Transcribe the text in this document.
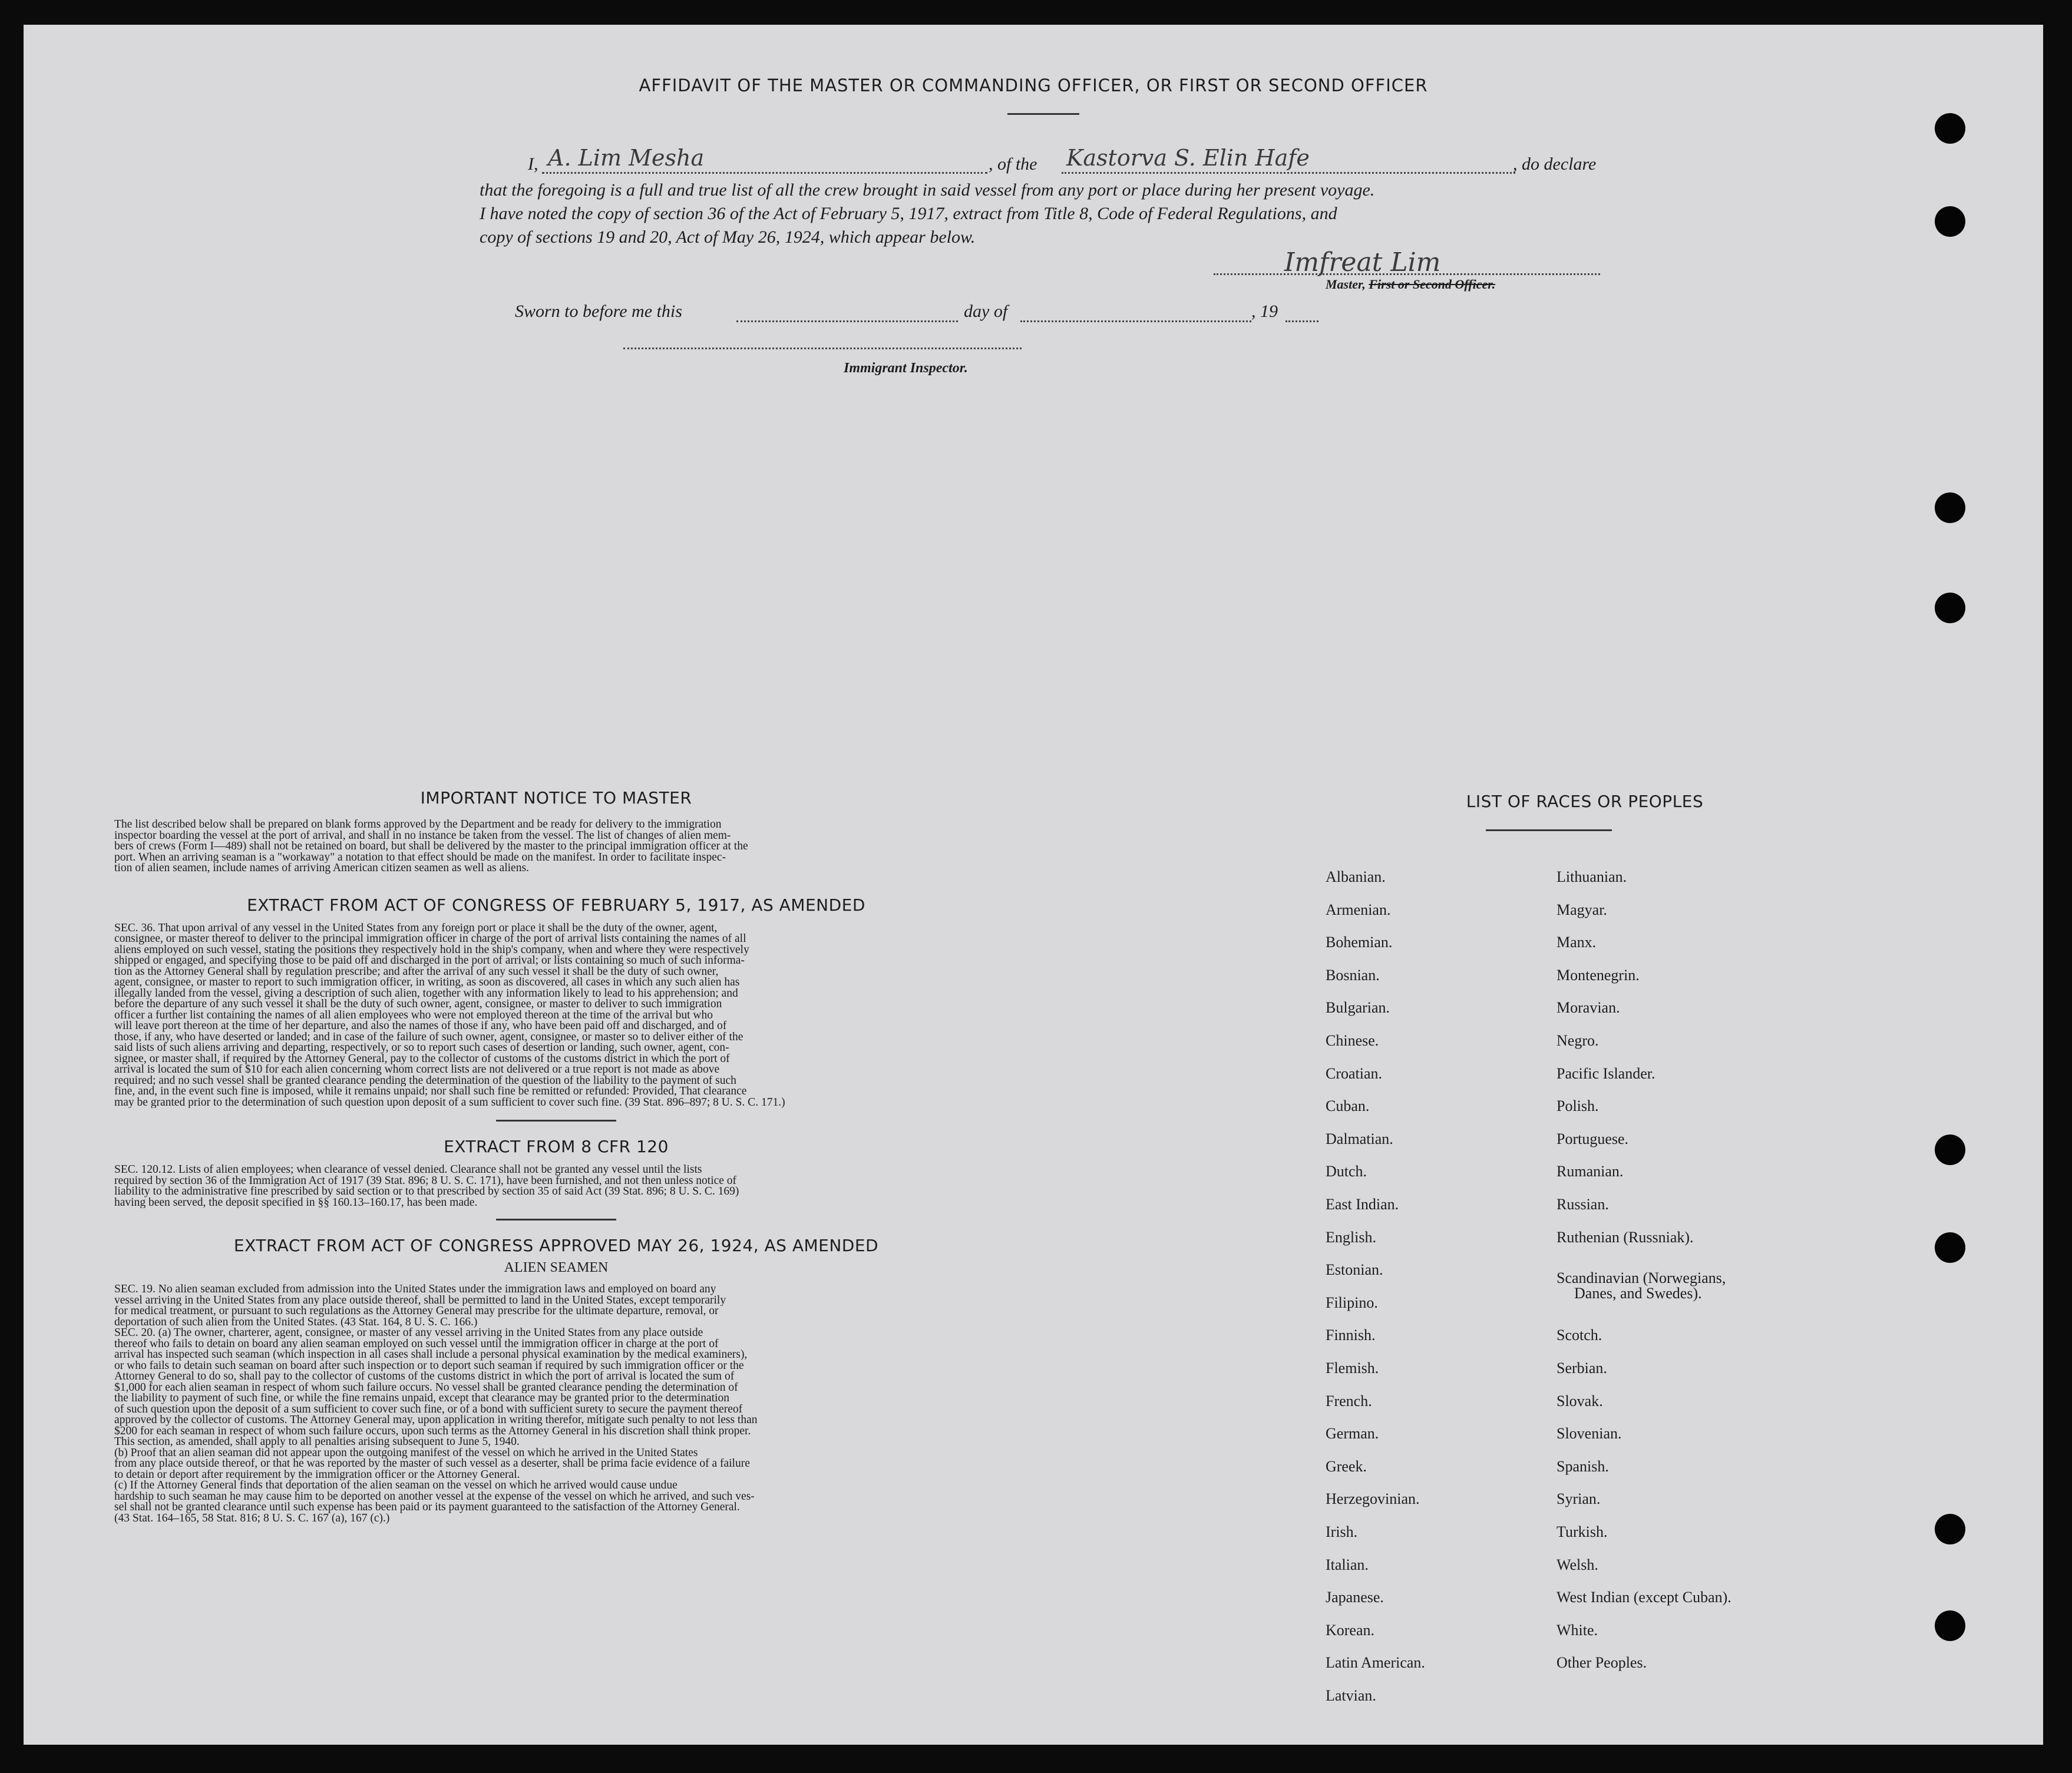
AFFIDAVIT OF THE MASTER OR COMMANDING OFFICER, OR FIRST OR SECOND OFFICER
I, A. Lim Mesha	, of the Kastorva S. Elin Hafe	, do declare
that the foregoing is a full and true list of all the crew brought in said vessel from any port or place during her present voyage.
I have noted the copy of section 36 of the Act of February 5, 1917, extract from Title 8, Code of Federal Regulations, and
copy of sections 19 and 20, Act of May 26, 1924, which appear below.
Imfreat Lim
Master, First or Second Officer.
Sworn to before me this	day of	, 19
Immigrant Inspector.
IMPORTANT NOTICE TO MASTER
The list described below shall be prepared on blank forms approved by the Department and be ready for delivery to the immigration
inspector boarding the vessel at the port of arrival, and shall in no instance be taken from the vessel. The list of changes of alien mem-
bers of crews (Form I—489) shall not be retained on board, but shall be delivered by the master to the principal immigration officer at the
port. When an arriving seaman is a "workaway" a notation to that effect should be made on the manifest. In order to facilitate inspec-
tion of alien seamen, include names of arriving American citizen seamen as well as aliens.
EXTRACT FROM ACT OF CONGRESS OF FEBRUARY 5, 1917, AS AMENDED
SEC. 36. That upon arrival of any vessel in the United States from any foreign port or place it shall be the duty of the owner, agent,
consignee, or master thereof to deliver to the principal immigration officer in charge of the port of arrival lists containing the names of all
aliens employed on such vessel, stating the positions they respectively hold in the ship's company, when and where they were respectively
shipped or engaged, and specifying those to be paid off and discharged in the port of arrival; or lists containing so much of such informa-
tion as the Attorney General shall by regulation prescribe; and after the arrival of any such vessel it shall be the duty of such owner,
agent, consignee, or master to report to such immigration officer, in writing, as soon as discovered, all cases in which any such alien has
illegally landed from the vessel, giving a description of such alien, together with any information likely to lead to his apprehension; and
before the departure of any such vessel it shall be the duty of such owner, agent, consignee, or master to deliver to such immigration
officer a further list containing the names of all alien employees who were not employed thereon at the time of the arrival but who
will leave port thereon at the time of her departure, and also the names of those if any, who have been paid off and discharged, and of
those, if any, who have deserted or landed; and in case of the failure of such owner, agent, consignee, or master so to deliver either of the
said lists of such aliens arriving and departing, respectively, or so to report such cases of desertion or landing, such owner, agent, con-
signee, or master shall, if required by the Attorney General, pay to the collector of customs of the customs district in which the port of
arrival is located the sum of $10 for each alien concerning whom correct lists are not delivered or a true report is not made as above
required; and no such vessel shall be granted clearance pending the determination of the question of the liability to the payment of such
fine, and, in the event such fine is imposed, while it remains unpaid; nor shall such fine be remitted or refunded: Provided, That clearance
may be granted prior to the determination of such question upon deposit of a sum sufficient to cover such fine. (39 Stat. 896–897; 8 U. S. C. 171.)
EXTRACT FROM 8 CFR 120
SEC. 120.12. Lists of alien employees; when clearance of vessel denied. Clearance shall not be granted any vessel until the lists
required by section 36 of the Immigration Act of 1917 (39 Stat. 896; 8 U. S. C. 171), have been furnished, and not then unless notice of
liability to the administrative fine prescribed by said section or to that prescribed by section 35 of said Act (39 Stat. 896; 8 U. S. C. 169)
having been served, the deposit specified in §§ 160.13–160.17, has been made.
EXTRACT FROM ACT OF CONGRESS APPROVED MAY 26, 1924, AS AMENDED
ALIEN SEAMEN
SEC. 19. No alien seaman excluded from admission into the United States under the immigration laws and employed on board any
vessel arriving in the United States from any place outside thereof, shall be permitted to land in the United States, except temporarily
for medical treatment, or pursuant to such regulations as the Attorney General may prescribe for the ultimate departure, removal, or
deportation of such alien from the United States. (43 Stat. 164, 8 U. S. C. 166.)
SEC. 20. (a) The owner, charterer, agent, consignee, or master of any vessel arriving in the United States from any place outside
thereof who fails to detain on board any alien seaman employed on such vessel until the immigration officer in charge at the port of
arrival has inspected such seaman (which inspection in all cases shall include a personal physical examination by the medical examiners),
or who fails to detain such seaman on board after such inspection or to deport such seaman if required by such immigration officer or the
Attorney General to do so, shall pay to the collector of customs of the customs district in which the port of arrival is located the sum of
$1,000 for each alien seaman in respect of whom such failure occurs. No vessel shall be granted clearance pending the determination of
the liability to payment of such fine, or while the fine remains unpaid, except that clearance may be granted prior to the determination
of such question upon the deposit of a sum sufficient to cover such fine, or of a bond with sufficient surety to secure the payment thereof
approved by the collector of customs. The Attorney General may, upon application in writing therefor, mitigate such penalty to not less than
$200 for each seaman in respect of whom such failure occurs, upon such terms as the Attorney General in his discretion shall think proper.
This section, as amended, shall apply to all penalties arising subsequent to June 5, 1940.
(b) Proof that an alien seaman did not appear upon the outgoing manifest of the vessel on which he arrived in the United States
from any place outside thereof, or that he was reported by the master of such vessel as a deserter, shall be prima facie evidence of a failure
to detain or deport after requirement by the immigration officer or the Attorney General.
(c) If the Attorney General finds that deportation of the alien seaman on the vessel on which he arrived would cause undue
hardship to such seaman he may cause him to be deported on another vessel at the expense of the vessel on which he arrived, and such ves-
sel shall not be granted clearance until such expense has been paid or its payment guaranteed to the satisfaction of the Attorney General.
(43 Stat. 164–165, 58 Stat. 816; 8 U. S. C. 167 (a), 167 (c).)
LIST OF RACES OR PEOPLES
Albanian.
Armenian.
Bohemian.
Bosnian.
Bulgarian.
Chinese.
Croatian.
Cuban.
Dalmatian.
Dutch.
East Indian.
English.
Estonian.
Filipino.
Finnish.
Flemish.
French.
German.
Greek.
Herzegovinian.
Irish.
Italian.
Japanese.
Korean.
Latin American.
Latvian.
Lithuanian.
Magyar.
Manx.
Montenegrin.
Moravian.
Negro.
Pacific Islander.
Polish.
Portuguese.
Rumanian.
Russian.
Ruthenian (Russniak).
Scandinavian (Norwegians,
Danes, and Swedes).
Scotch.
Serbian.
Slovak.
Slovenian.
Spanish.
Syrian.
Turkish.
Welsh.
West Indian (except Cuban).
White.
Other Peoples.
